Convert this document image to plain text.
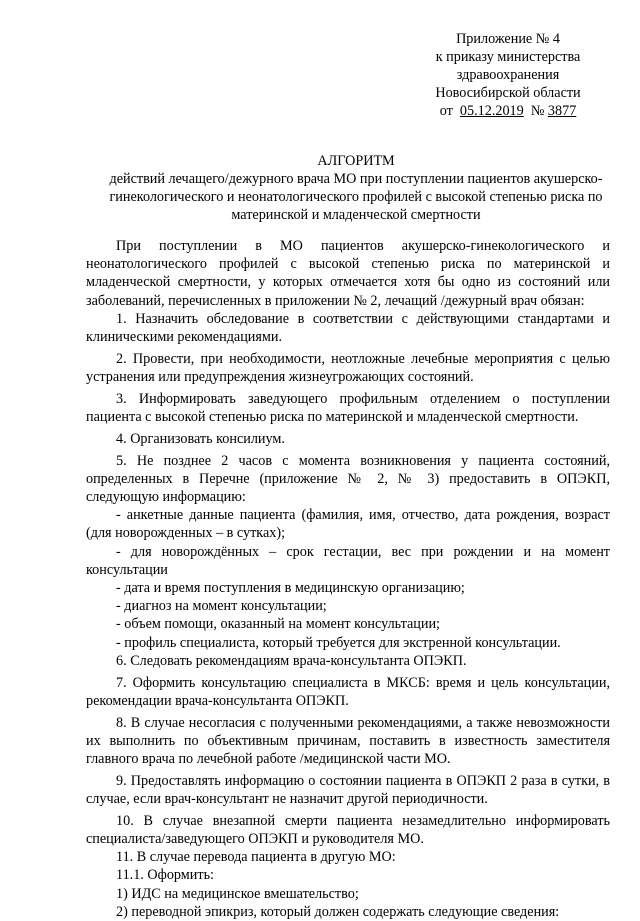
Приложение № 4
к приказу министерства
здравоохранения
Новосибирской области
от 05.12.2019 № 3877
АЛГОРИТМ
действий лечащего/дежурного врача МО при поступлении пациентов акушерско-
гинекологического и неонатологического профилей с высокой степенью риска по
материнской и младенческой смертности

При поступлении в МО пациентов акушерско-гинекологического и неонатологического профилей с высокой степенью риска по материнской и младенческой смертности, у которых отмечается хотя бы одно из состояний или заболеваний, перечисленных в приложении № 2, лечащий /дежурный врач обязан:

1. Назначить обследование в соответствии с действующими стандартами и клиническими рекомендациями.

2. Провести, при необходимости, неотложные лечебные мероприятия с целью устранения или предупреждения жизнеугрожающих состояний.

3. Информировать заведующего профильным отделением о поступлении пациента с высокой степенью риска по материнской и младенческой смертности.

4. Организовать консилиум.

5. Не позднее 2 часов с момента возникновения у пациента состояний, определенных в Перечне (приложение № 2, № 3) предоставить в ОПЭКП, следующую информацию:

- анкетные данные пациента (фамилия, имя, отчество, дата рождения, возраст (для новорожденных – в сутках);

- для новорождённых – срок гестации, вес при рождении и на момент консультации

- дата и время поступления в медицинскую организацию;

- диагноз на момент консультации;

- объем помощи, оказанный на момент консультации;

- профиль специалиста, который требуется для экстренной консультации.

6. Следовать рекомендациям врача-консультанта ОПЭКП.

7. Оформить консультацию специалиста в МКСБ: время и цель консультации, рекомендации врача-консультанта ОПЭКП.

8. В случае несогласия с полученными рекомендациями, а также невозможности их выполнить по объективным причинам, поставить в известность заместителя главного врача по лечебной работе /медицинской части МО.

9. Предоставлять информацию о состоянии пациента в ОПЭКП 2 раза в сутки, в случае, если врач-консультант не назначит другой периодичности.

10. В случае внезапной смерти пациента незамедлительно информировать специалиста/заведующего ОПЭКП и руководителя МО.

11. В случае перевода пациента в другую МО:

11.1. Оформить:

1) ИДС на медицинское вмешательство;

2) переводной эпикриз, который должен содержать следующие сведения:
